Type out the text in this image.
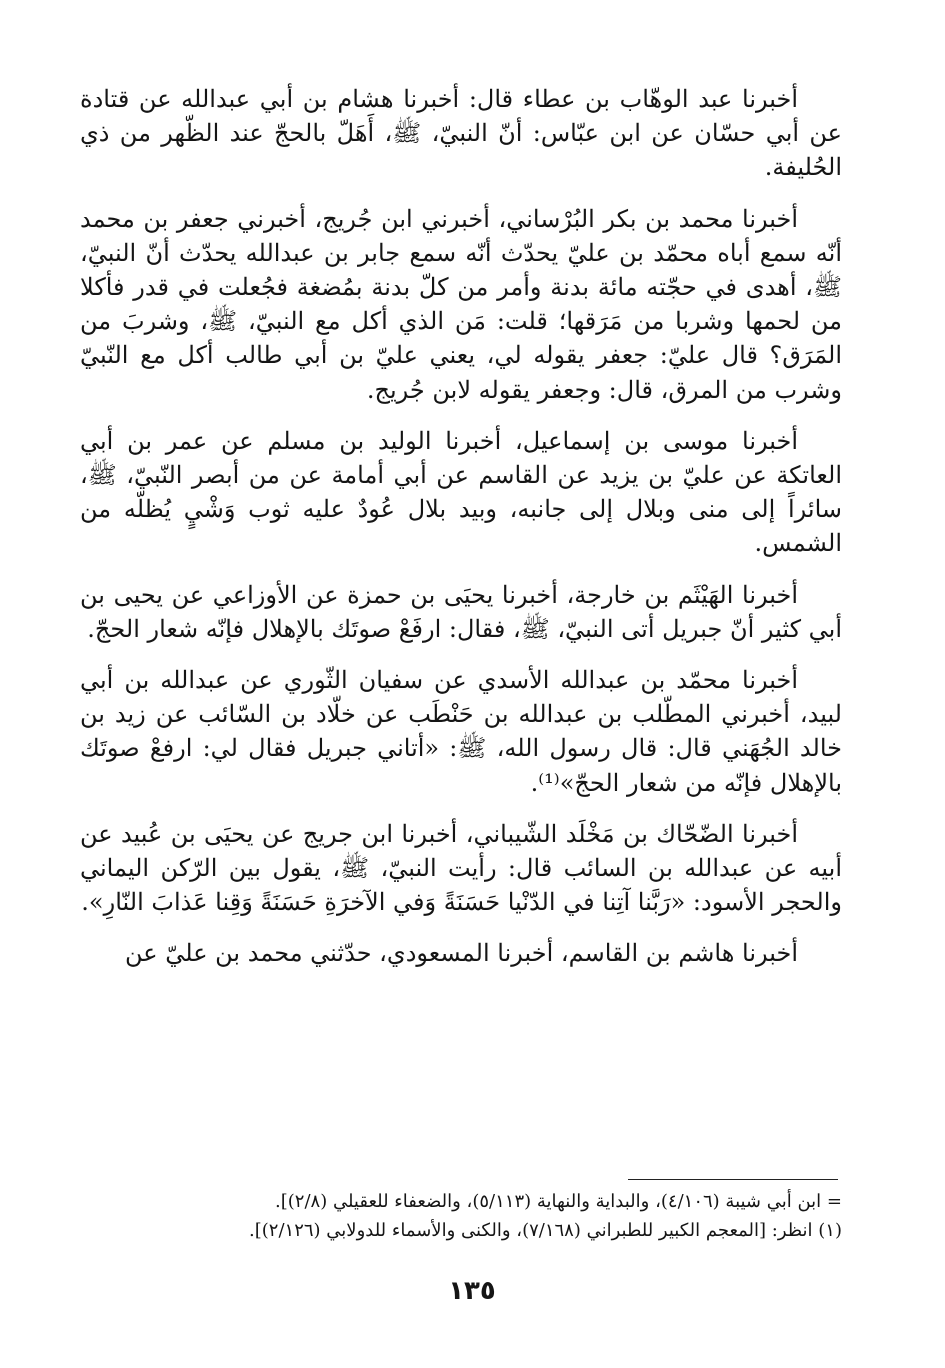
أخبرنا عبد الوهّاب بن عطاء قال: أخبرنا هشام بن أبي عبدالله عن قتادة عن أبي حسّان عن ابن عبّاس: أنّ النبيّ، ﷺ، أَهَلّ بالحجّ عند الظّهر من ذي الحُليفة.

أخبرنا محمد بن بكر البُرْساني، أخبرني ابن جُريج، أخبرني جعفر بن محمد أنّه سمع أباه محمّد بن عليّ يحدّث أنّه سمع جابر بن عبدالله يحدّث أنّ النبيّ، ﷺ، أهدى في حجّته مائة بدنة وأمر من كلّ بدنة بمُضغة فجُعلت في قدر فأكلا من لحمها وشربا من مَرَقها؛ قلت: مَن الذي أكل مع النبيّ، ﷺ، وشربَ من المَرَق؟ قال عليّ: جعفر يقوله لي، يعني عليّ بن أبي طالب أكل مع النّبيّ وشرب من المرق، قال: وجعفر يقوله لابن جُريج.

أخبرنا موسى بن إسماعيل، أخبرنا الوليد بن مسلم عن عمر بن أبي العاتكة عن عليّ بن يزيد عن القاسم عن أبي أمامة عن من أبصر النّبيّ، ﷺ، سائراً إلى منى وبلال إلى جانبه، وبيد بلال عُودٌ عليه ثوب وَشْيٍ يُظلّه من الشمس.

أخبرنا الهَيْثَم بن خارجة، أخبرنا يحيَى بن حمزة عن الأوزاعي عن يحيى بن أبي كثير أنّ جبريل أتى النبيّ، ﷺ، فقال: ارفَعْ صوتَك بالإهلال فإنّه شعار الحجّ.

أخبرنا محمّد بن عبدالله الأسدي عن سفيان الثّوري عن عبدالله بن أبي لبيد، أخبرني المطّلب بن عبدالله بن حَنْطَب عن خلّاد بن السّائب عن زيد بن خالد الجُهَني قال: قال رسول الله، ﷺ: «أتاني جبريل فقال لي: ارفعْ صوتَك بالإهلال فإنّه من شعار الحجّ»⁽¹⁾.

أخبرنا الضّحّاك بن مَخْلَد الشّيباني، أخبرنا ابن جريج عن يحيَى بن عُبيد عن أبيه عن عبدالله بن السائب قال: رأيت النبيّ، ﷺ، يقول بين الرّكن اليماني والحجر الأسود: «رَبَّنا آتِنا في الدّنْيا حَسَنَةً وَفي الآخرَةِ حَسَنَةً وَقِنا عَذابَ النّارِ».

أخبرنا هاشم بن القاسم، أخبرنا المسعودي، حدّثني محمد بن عليّ عن

= ابن أبي شيبة (٤/١٠٦)، والبداية والنهاية (٥/١١٣)، والضعفاء للعقيلي (٢/٨)].

(١) انظر: [المعجم الكبير للطبراني (٧/١٦٨)، والكنى والأسماء للدولابي (٢/١٢٦)].

١٣٥
